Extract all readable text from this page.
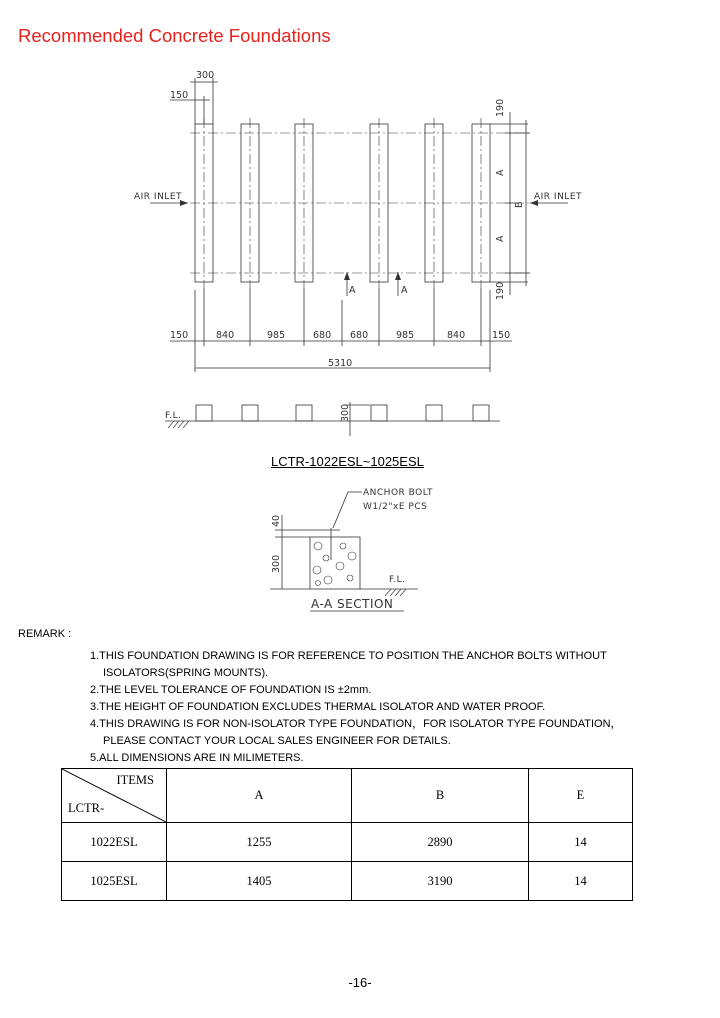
Recommended Concrete Foundations
300
150
190
A
A
B
190
AIR INLET	AIR INLET
A	A
150	840	985	680 680	985	840	150
5310
F.L.	300
ANCHOR BOLT
W1/2"xE PCS
40
300
F.L.
A-A SECTION
LCTR-1022ESL~1025ESL
REMARK :
1.THIS FOUNDATION DRAWING IS FOR REFERENCE TO POSITION THE ANCHOR BOLTS WITHOUT
ISOLATORS(SPRING MOUNTS).
2.THE LEVEL TOLERANCE OF FOUNDATION IS ±2mm.
3.THE HEIGHT OF FOUNDATION EXCLUDES THERMAL ISOLATOR AND WATER PROOF.
4.THIS DRAWING IS FOR NON-ISOLATOR TYPE FOUNDATION，FOR ISOLATOR TYPE FOUNDATION，
PLEASE CONTACT YOUR LOCAL SALES ENGINEER FOR DETAILS.
5.ALL DIMENSIONS ARE IN MILIMETERS.
ITEMS
LCTR-	A	B	E
1022ESL	1255	2890	14
1025ESL	1405	3190	14
-16-
